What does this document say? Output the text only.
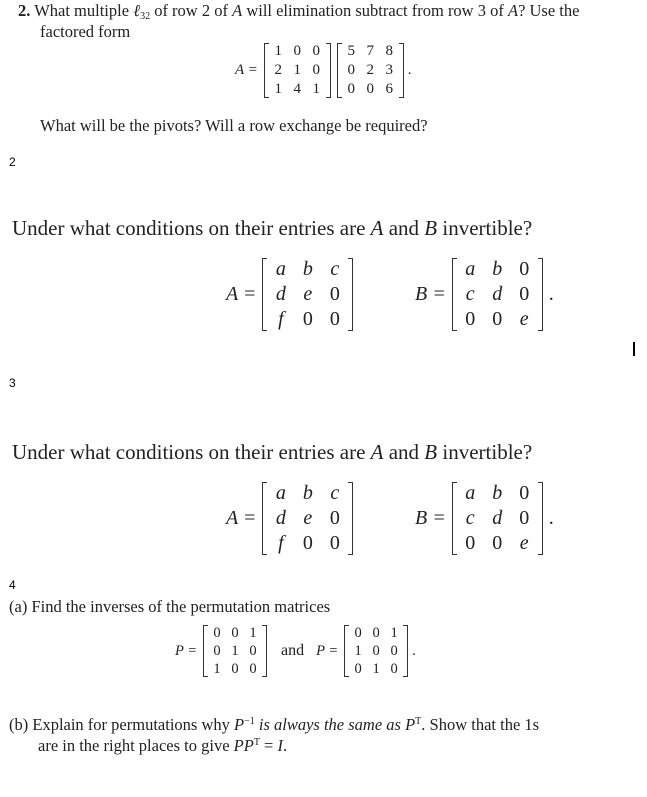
2. What multiple ℓ$_{32}$ of row 2 of A will elimination subtract from row 3 of A? Use the
factored form
A =
1 0 0
2 1 0
1 4 1
5 7 8
0 2 3
0 0 6
.
What will be the pivots? Will a row exchange be required?
2
Under what conditions on their entries are A and B invertible?
A =
a b c
d e 0
f 0 0
B =
a b 0
c d 0
0 0 e
.
3
Under what conditions on their entries are A and B invertible?
A =
a b c
d e 0
f 0 0
B =
a b 0
c d 0
0 0 e
.
4
(a) Find the inverses of the permutation matrices
P =
0 0 1
0 1 0
1 0 0
and P =
0 0 1
1 0 0
0 1 0
.
(b) Explain for permutations why $P^{-1}$ is always the same as $P^T$. Show that the 1s
are in the right places to give $PP^T = I$.
